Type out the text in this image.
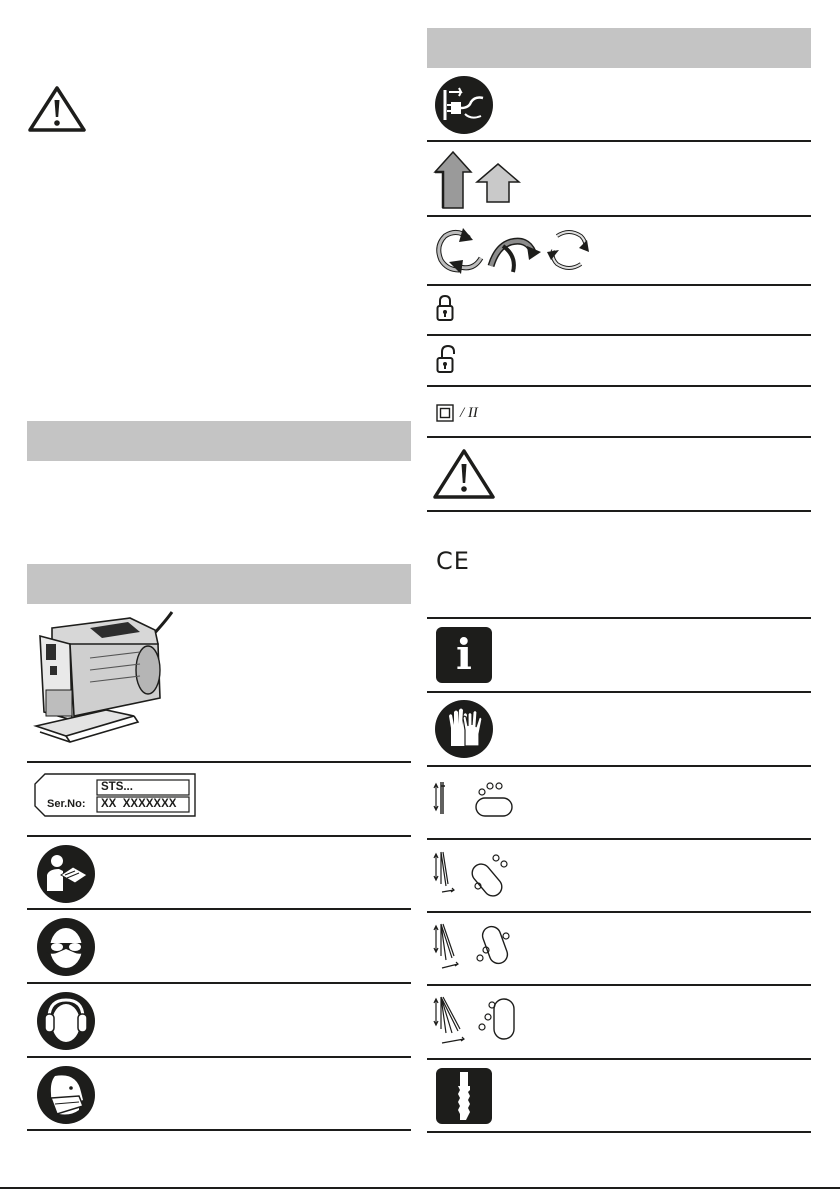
STS...
Ser.No: XX  XXXXXXX
/ II
CE
i
